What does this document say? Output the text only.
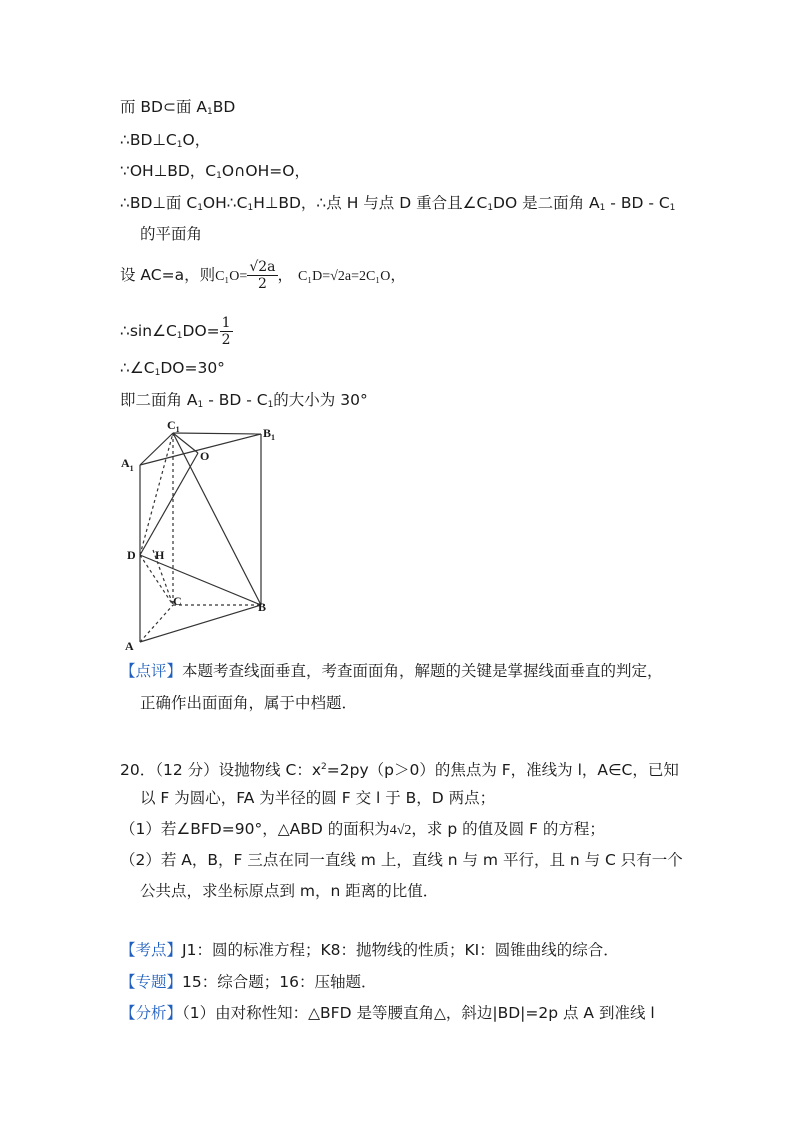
而 BD⊂面 $A_1BD$
$\therefore BD\perp C_1O$，
∵OH⊥BD，$C_1O\cap OH=O$，
∴BD⊥面 $C_1OH\therefore C_1H\perp BD$，∴点 H 与点 D 重合且$\angle C_1DO$ 是二面角 $A_1$ - BD - $C_1$
的平面角
设 AC=a，则$C_1O= \frac{√2a}{2}$ ， C₁D=√2a=2C₁O，
$\therefore\sin\angle C_1DO= \frac{1}{2}$
$\therefore\angle C_1DO=30^\circ$
即二面角 $A_1$ - BD - $C_1$的大小为 30°
$C_1$	$B_1$
$A_1$
O
D H
C	B
A
【点评】本题考查线面垂直，考查面面角，解题的关键是掌握线面垂直的判定，
正确作出面面角，属于中档题．
20．（12 分）设抛物线 C：$x^2=2py(p>0)$的焦点为 F，准线为 l，A∈C，已知
以 F 为圆心，FA 为半径的圆 F 交 l 于 B，D 两点；
（1）若∠BFD=90°，△ABD 的面积为4√2，求 p 的值及圆 F 的方程；
（2）若 A，B，F 三点在同一直线 m 上，直线 n 与 m 平行，且 n 与 C 只有一个
公共点，求坐标原点到 m，n 距离的比值．
【考点】J1：圆的标准方程；K8：抛物线的性质；KI：圆锥曲线的综合．
【专题】15：综合题；16：压轴题．
【分析】（1）由对称性知：△BFD 是等腰直角△，斜边|BD|=2p 点 A 到准线 l
